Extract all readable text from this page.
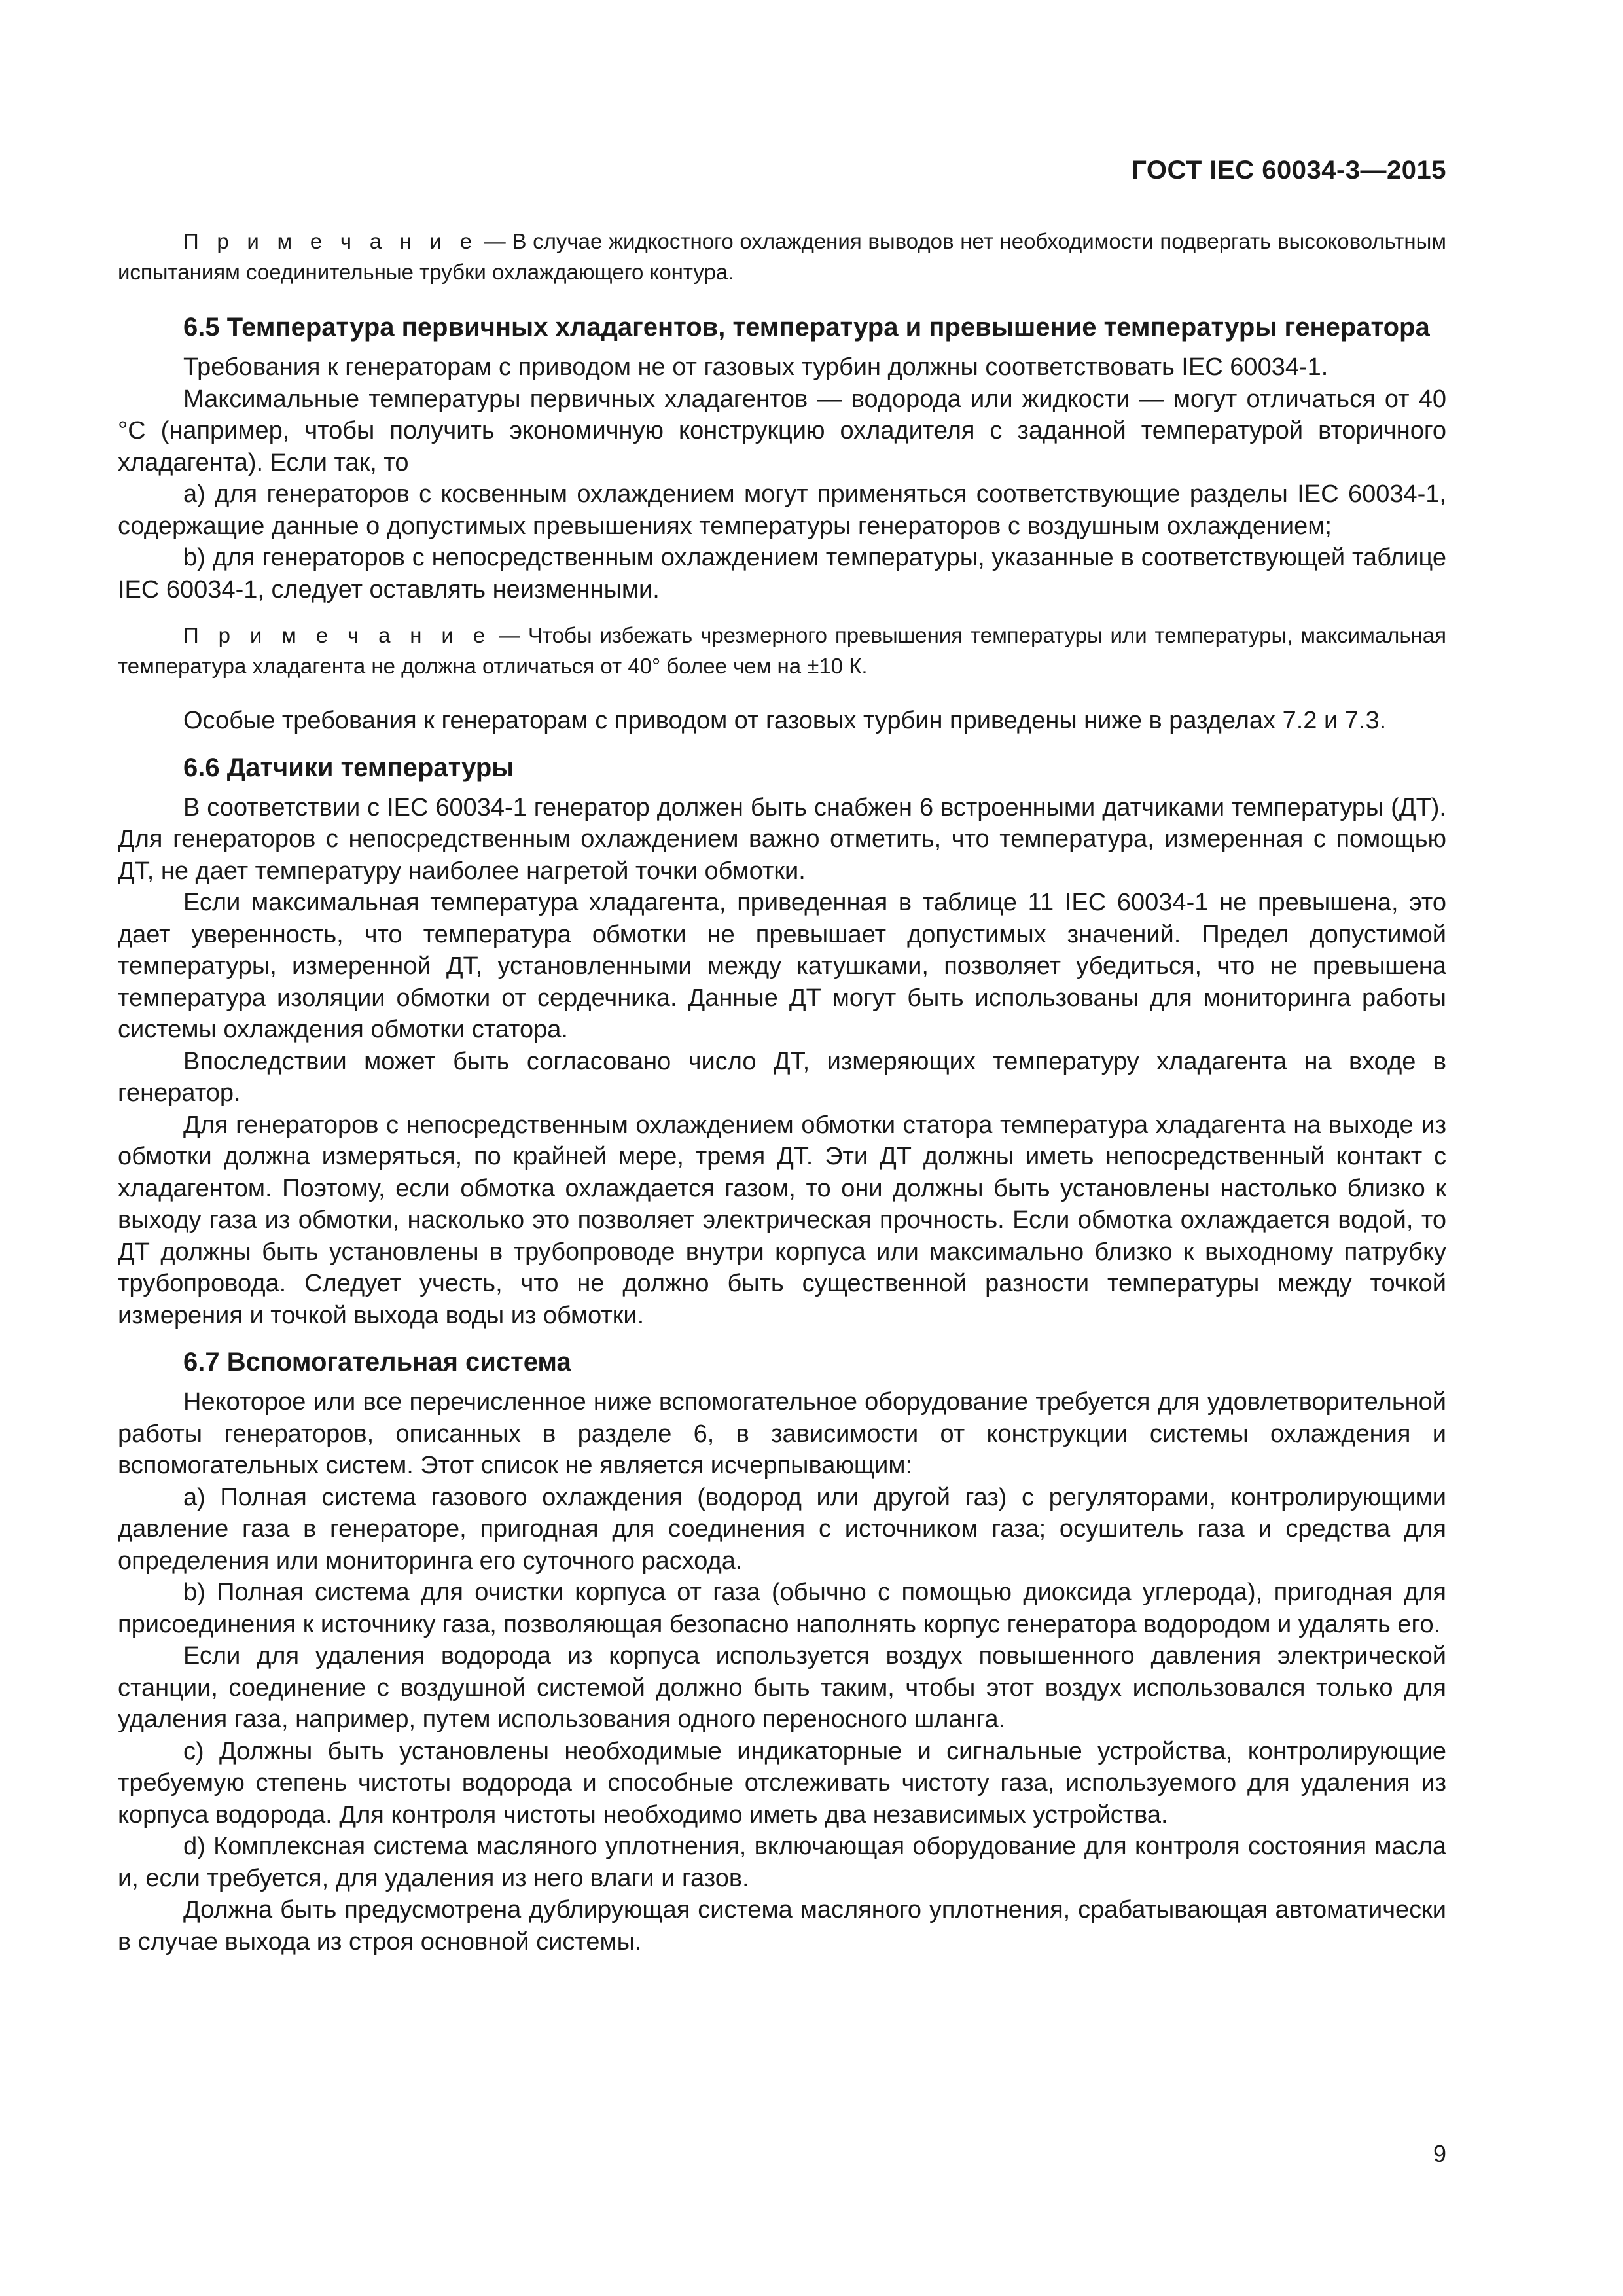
ГОСТ IEC 60034-3—2015

П р и м е ч а н и е — В случае жидкостного охлаждения выводов нет необходимости подвергать высоковольтным испытаниям соединительные трубки охлаждающего контура.

6.5 Температура первичных хладагентов, температура и превышение температуры генератора

Требования к генераторам с приводом не от газовых турбин должны соответствовать IEC 60034-1.

Максимальные температуры первичных хладагентов — водорода или жидкости — могут отличаться от 40 °C (например, чтобы получить экономичную конструкцию охладителя с заданной температурой вторичного хладагента). Если так, то

a) для генераторов с косвенным охлаждением могут применяться соответствующие разделы IEC 60034-1, содержащие данные о допустимых превышениях температуры генераторов с воздушным охлаждением;

b) для генераторов с непосредственным охлаждением температуры, указанные в соответствующей таблице IEC 60034-1, следует оставлять неизменными.

П р и м е ч а н и е — Чтобы избежать чрезмерного превышения температуры или температуры, максимальная температура хладагента не должна отличаться от 40° более чем на ±10 К.

Особые требования к генераторам с приводом от газовых турбин приведены ниже в разделах 7.2 и 7.3.

6.6 Датчики температуры

В соответствии с IEC 60034-1 генератор должен быть снабжен 6 встроенными датчиками температуры (ДТ). Для генераторов с непосредственным охлаждением важно отметить, что температура, измеренная с помощью ДТ, не дает температуру наиболее нагретой точки обмотки.

Если максимальная температура хладагента, приведенная в таблице 11 IEC 60034-1 не превышена, это дает уверенность, что температура обмотки не превышает допустимых значений. Предел допустимой температуры, измеренной ДТ, установленными между катушками, позволяет убедиться, что не превышена температура изоляции обмотки от сердечника. Данные ДТ могут быть использованы для мониторинга работы системы охлаждения обмотки статора.

Впоследствии может быть согласовано число ДТ, измеряющих температуру хладагента на входе в генератор.

Для генераторов с непосредственным охлаждением обмотки статора температура хладагента на выходе из обмотки должна измеряться, по крайней мере, тремя ДТ. Эти ДТ должны иметь непосредственный контакт с хладагентом. Поэтому, если обмотка охлаждается газом, то они должны быть установлены настолько близко к выходу газа из обмотки, насколько это позволяет электрическая прочность. Если обмотка охлаждается водой, то ДТ должны быть установлены в трубопроводе внутри корпуса или максимально близко к выходному патрубку трубопровода. Следует учесть, что не должно быть существенной разности температуры между точкой измерения и точкой выхода воды из обмотки.

6.7 Вспомогательная система

Некоторое или все перечисленное ниже вспомогательное оборудование требуется для удовлетворительной работы генераторов, описанных в разделе 6, в зависимости от конструкции системы охлаждения и вспомогательных систем. Этот список не является исчерпывающим:

a) Полная система газового охлаждения (водород или другой газ) с регуляторами, контролирующими давление газа в генераторе, пригодная для соединения с источником газа; осушитель газа и средства для определения или мониторинга его суточного расхода.

b) Полная система для очистки корпуса от газа (обычно с помощью диоксида углерода), пригодная для присоединения к источнику газа, позволяющая безопасно наполнять корпус генератора водородом и удалять его.

Если для удаления водорода из корпуса используется воздух повышенного давления электрической станции, соединение с воздушной системой должно быть таким, чтобы этот воздух использовался только для удаления газа, например, путем использования одного переносного шланга.

c) Должны быть установлены необходимые индикаторные и сигнальные устройства, контролирующие требуемую степень чистоты водорода и способные отслеживать чистоту газа, используемого для удаления из корпуса водорода. Для контроля чистоты необходимо иметь два независимых устройства.

d) Комплексная система масляного уплотнения, включающая оборудование для контроля состояния масла и, если требуется, для удаления из него влаги и газов.

Должна быть предусмотрена дублирующая система масляного уплотнения, срабатывающая автоматически в случае выхода из строя основной системы.

9
